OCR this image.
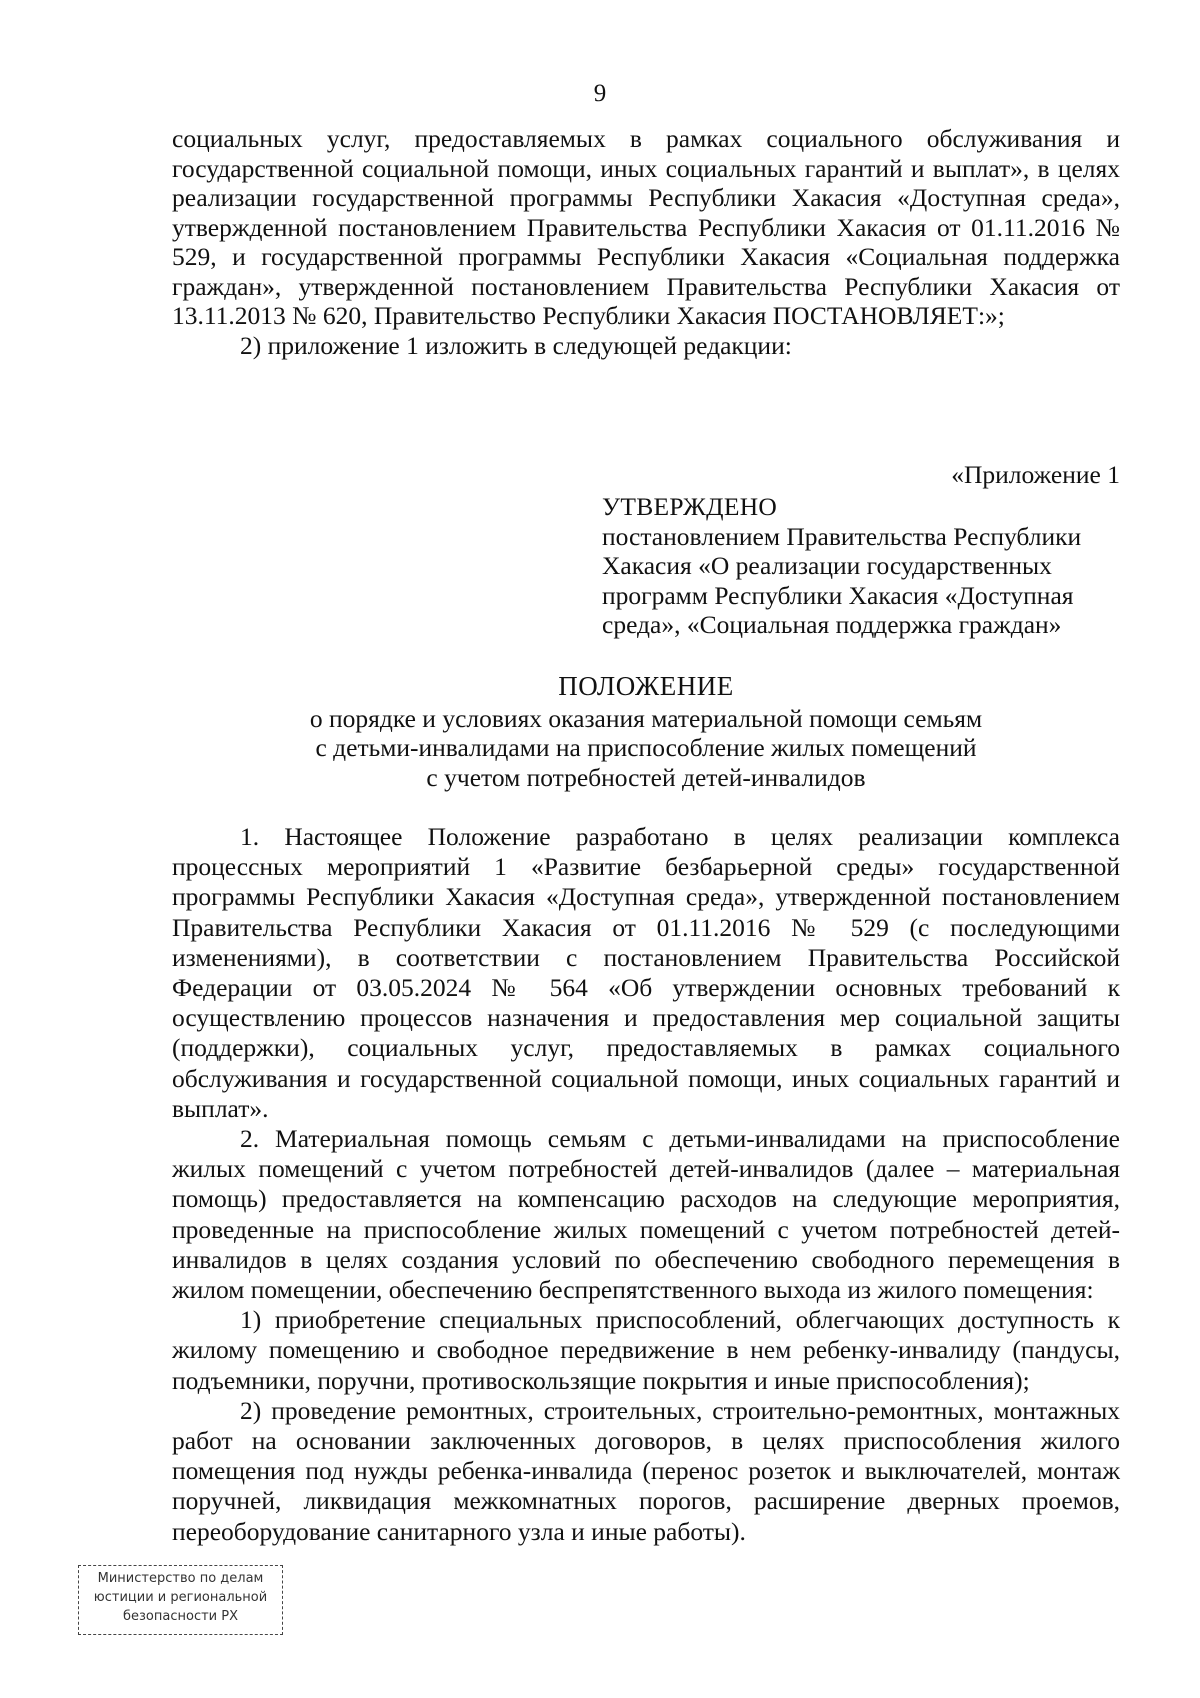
9

социальных услуг, предоставляемых в рамках социального обслуживания и государственной социальной помощи, иных социальных гарантий и выплат», в целях реализации государственной программы Республики Хакасия «Доступная среда», утвержденной постановлением Правительства Республики Хакасия от 01.11.2016 № 529, и государственной программы Республики Хакасия «Социальная поддержка граждан», утвержденной постановлением Правительства Республики Хакасия от 13.11.2013 № 620, Правительство Республики Хакасия ПОСТАНОВЛЯЕТ:»;

2) приложение 1 изложить в следующей редакции:

«Приложение 1
УТВЕРЖДЕНО
постановлением Правительства Республики
Хакасия «О реализации государственных
программ Республики Хакасия «Доступная
среда», «Социальная поддержка граждан»
ПОЛОЖЕНИЕ
о порядке и условиях оказания материальной помощи семьям
с детьми-инвалидами на приспособление жилых помещений
с учетом потребностей детей-инвалидов

1. Настоящее Положение разработано в целях реализации комплекса процессных мероприятий 1 «Развитие безбарьерной среды» государственной программы Республики Хакасия «Доступная среда», утвержденной постановлением Правительства Республики Хакасия от 01.11.2016 № 529 (с последующими изменениями), в соответствии с постановлением Правительства Российской Федерации от 03.05.2024 № 564 «Об утверждении основных требований к осуществлению процессов назначения и предоставления мер социальной защиты (поддержки), социальных услуг, предоставляемых в рамках социального обслуживания и государственной социальной помощи, иных социальных гарантий и выплат».

2. Материальная помощь семьям с детьми-инвалидами на приспособление жилых помещений с учетом потребностей детей-инвалидов (далее – материальная помощь) предоставляется на компенсацию расходов на следующие мероприятия, проведенные на приспособление жилых помещений с учетом потребностей детей-инвалидов в целях создания условий по обеспечению свободного перемещения в жилом помещении, обеспечению беспрепятственного выхода из жилого помещения:

1) приобретение специальных приспособлений, облегчающих доступность к жилому помещению и свободное передвижение в нем ребенку-инвалиду (пандусы, подъемники, поручни, противоскользящие покрытия и иные приспособления);

2) проведение ремонтных, строительных, строительно-ремонтных, монтажных работ на основании заключенных договоров, в целях приспособления жилого помещения под нужды ребенка-инвалида (перенос розеток и выключателей, монтаж поручней, ликвидация межкомнатных порогов, расширение дверных проемов, переоборудование санитарного узла и иные работы).

Министерство по делам
юстиции и региональной
безопасности РХ
